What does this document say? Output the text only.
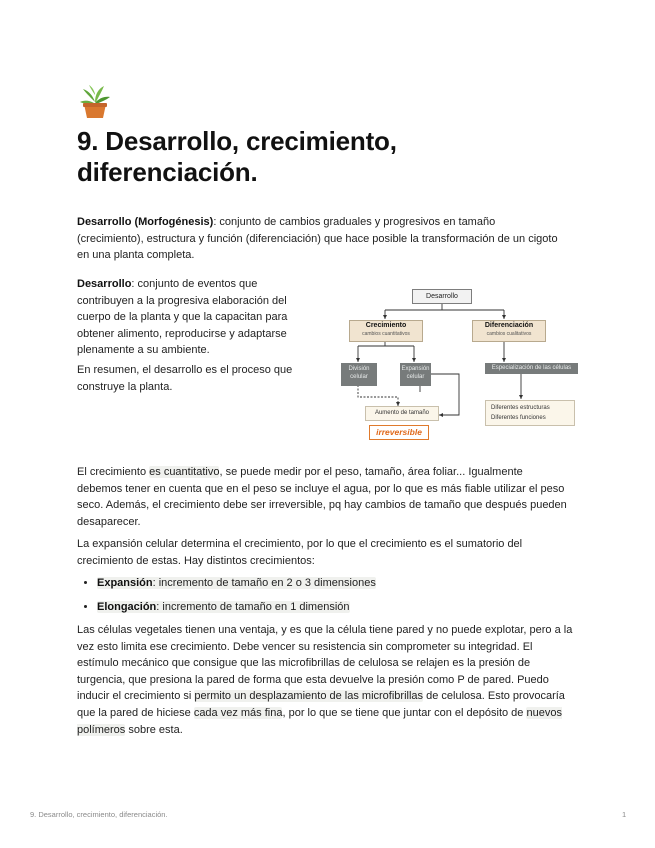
9. Desarrollo, crecimiento, diferenciación.

Desarrollo (Morfogénesis): conjunto de cambios graduales y progresivos en tamaño (crecimiento), estructura y función (diferenciación) que hace posible la transformación de un cigoto en una planta completa.

Desarrollo: conjunto de eventos que contribuyen a la progresiva elaboración del cuerpo de la planta y que la capacitan para obtener alimento, reproducirse y adaptarse plenamente a su ambiente.

En resumen, el desarrollo es el proceso que construye la planta.

Desarrollo
Crecimiento
cambios cuantitativos
Diferenciación
cambios cualitativos
División celular
Expansión celular
Especialización de las células
Aumento de tamaño
irreversible
Diferentes estructuras
Diferentes funciones

El crecimiento es cuantitativo, se puede medir por el peso, tamaño, área foliar... Igualmente debemos tener en cuenta que en el peso se incluye el agua, por lo que es más fiable utilizar el peso seco. Además, el crecimiento debe ser irreversible, pq hay cambios de tamaño que después pueden desaparecer.

La expansión celular determina el crecimiento, por lo que el crecimiento es el sumatorio del crecimiento de estas. Hay distintos crecimientos:

• Expansión: incremento de tamaño en 2 o 3 dimensiones
• Elongación: incremento de tamaño en 1 dimensión

Las células vegetales tienen una ventaja, y es que la célula tiene pared y no puede explotar, pero a la vez esto limita ese crecimiento. Debe vencer su resistencia sin comprometer su integridad. El estímulo mecánico que consigue que las microfibrillas de celulosa se relajen es la presión de turgencia, que presiona la pared de forma que esta devuelve la presión como P de pared. Puedo inducir el crecimiento si permito un desplazamiento de las microfibrillas de celulosa. Esto provocaría que la pared de hiciese cada vez más fina, por lo que se tiene que juntar con el depósito de nuevos polímeros sobre esta.

9. Desarrollo, crecimiento, diferenciación.	1
